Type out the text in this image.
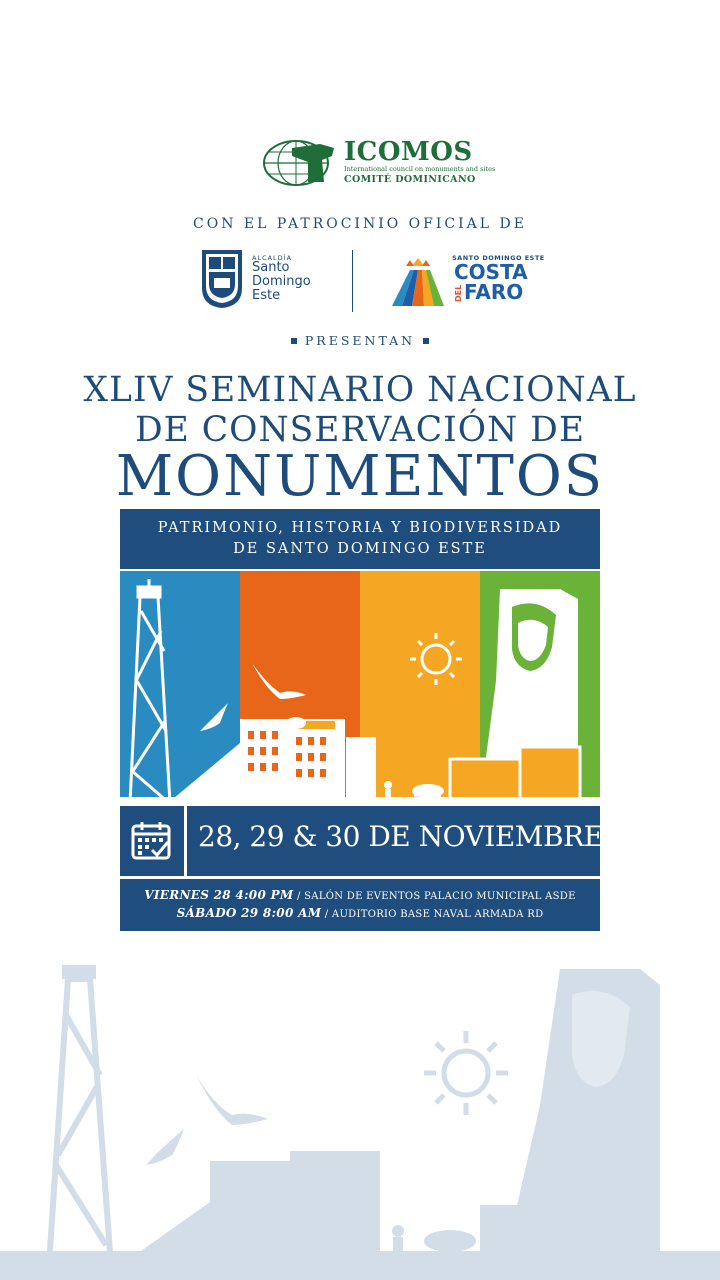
ICOMOS
International council on monuments and sites
COMITÉ DOMINICANO
CON EL PATROCINIO OFICIAL DE
ALCALDÍA
Santo Domingo Este
SANTO DOMINGO ESTE
COSTA
DEL FARO
PRESENTAN
XLIV SEMINARIO NACIONAL
DE CONSERVACIÓN DE
MONUMENTOS
PATRIMONIO, HISTORIA Y BIODIVERSIDAD
DE SANTO DOMINGO ESTE
28, 29 & 30 DE NOVIEMBRE
VIERNES 28 4:00 PM / SALÓN DE EVENTOS PALACIO MUNICIPAL ASDE
SÁBADO 29 8:00 AM / AUDITORIO BASE NAVAL ARMADA RD
